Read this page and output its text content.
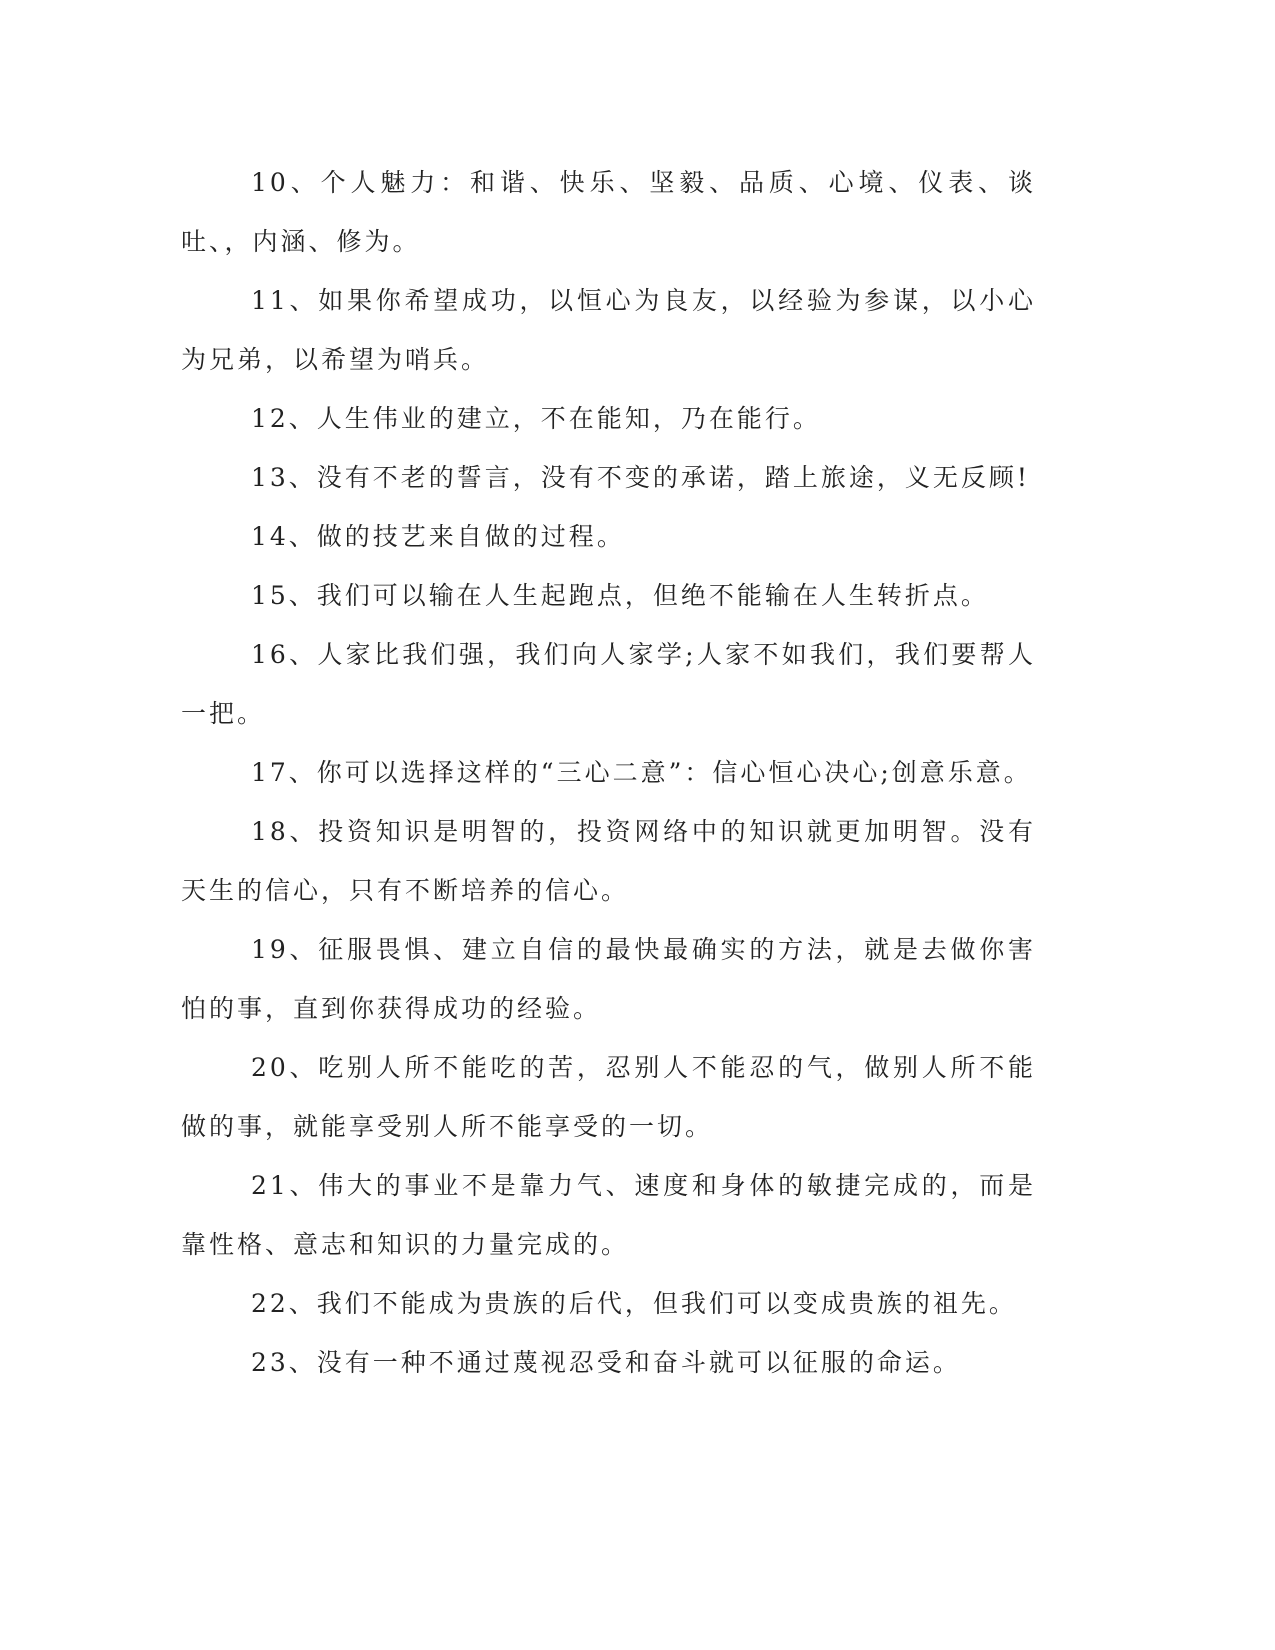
10、个人魅力：和谐、快乐、坚毅、品质、心境、仪表、谈吐、，内涵、修为。

11、如果你希望成功，以恒心为良友，以经验为参谋，以小心为兄弟，以希望为哨兵。

12、人生伟业的建立，不在能知，乃在能行。

13、没有不老的誓言，没有不变的承诺，踏上旅途，义无反顾!

14、做的技艺来自做的过程。

15、我们可以输在人生起跑点，但绝不能输在人生转折点。

16、人家比我们强，我们向人家学;人家不如我们，我们要帮人一把。

17、你可以选择这样的“三心二意”：信心恒心决心;创意乐意。

18、投资知识是明智的，投资网络中的知识就更加明智。没有天生的信心，只有不断培养的信心。

19、征服畏惧、建立自信的最快最确实的方法，就是去做你害怕的事，直到你获得成功的经验。

20、吃别人所不能吃的苦，忍别人不能忍的气，做别人所不能做的事，就能享受别人所不能享受的一切。

21、伟大的事业不是靠力气、速度和身体的敏捷完成的，而是靠性格、意志和知识的力量完成的。

22、我们不能成为贵族的后代，但我们可以变成贵族的祖先。

23、没有一种不通过蔑视忍受和奋斗就可以征服的命运。
